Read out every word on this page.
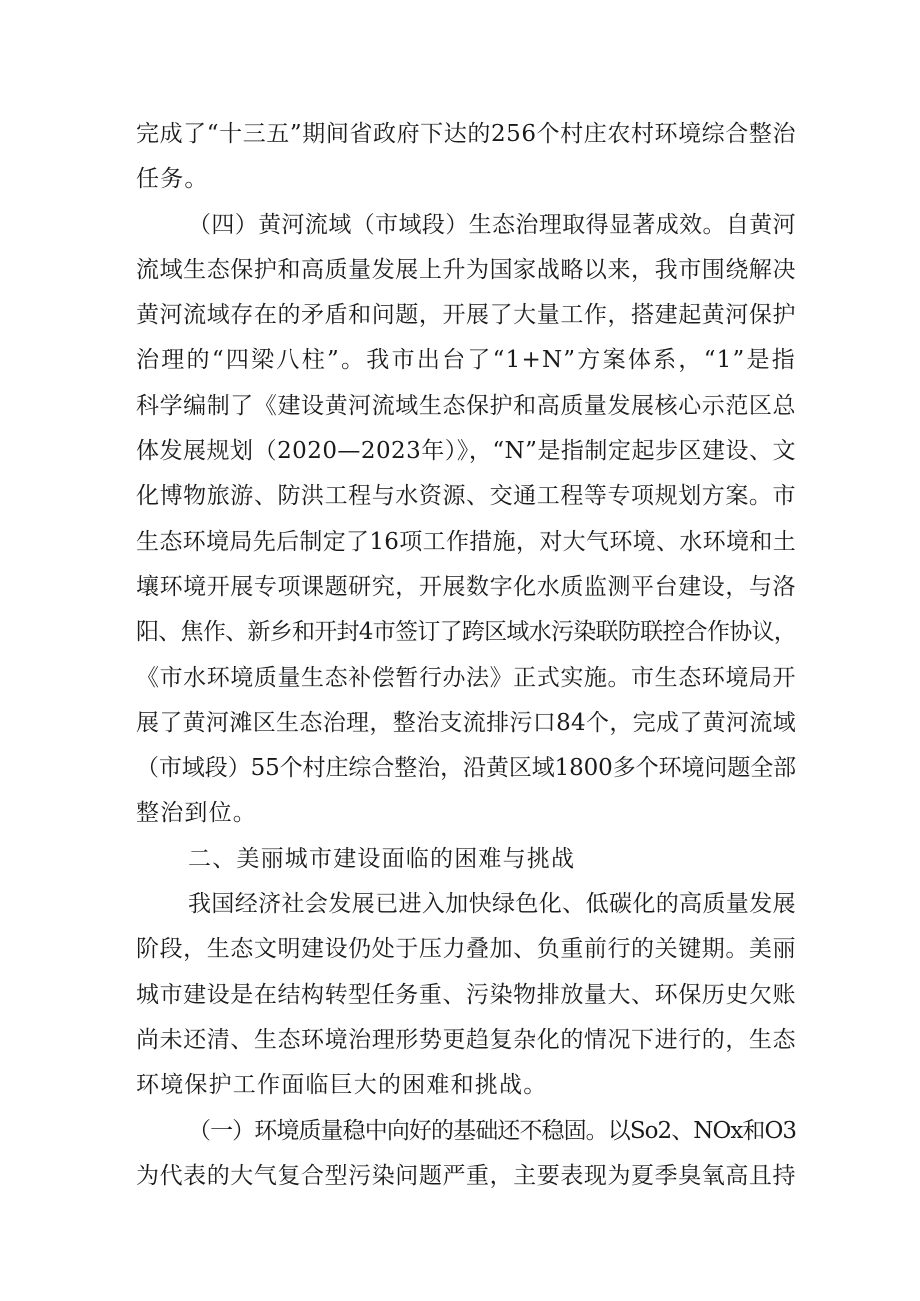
完成了“十三五”期间省政府下达的256个村庄农村环境综合整治
任务。

（四）黄河流域（市域段）生态治理取得显著成效。自黄河
流域生态保护和高质量发展上升为国家战略以来，我市围绕解决
黄河流域存在的矛盾和问题，开展了大量工作，搭建起黄河保护
治理的“四梁八柱”。我市出台了“1+N”方案体系，“1”是指
科学编制了《建设黄河流域生态保护和高质量发展核心示范区总
体发展规划（2020—2023年）》，“N”是指制定起步区建设、文
化博物旅游、防洪工程与水资源、交通工程等专项规划方案。市
生态环境局先后制定了16项工作措施，对大气环境、水环境和土
壤环境开展专项课题研究，开展数字化水质监测平台建设，与洛
阳、焦作、新乡和开封4市签订了跨区域水污染联防联控合作协议，
《市水环境质量生态补偿暂行办法》正式实施。市生态环境局开
展了黄河滩区生态治理，整治支流排污口84个，完成了黄河流域
（市域段）55个村庄综合整治，沿黄区域1800多个环境问题全部
整治到位。

二、美丽城市建设面临的困难与挑战

我国经济社会发展已进入加快绿色化、低碳化的高质量发展
阶段，生态文明建设仍处于压力叠加、负重前行的关键期。美丽
城市建设是在结构转型任务重、污染物排放量大、环保历史欠账
尚未还清、生态环境治理形势更趋复杂化的情况下进行的，生态
环境保护工作面临巨大的困难和挑战。

（一）环境质量稳中向好的基础还不稳固。以So2、NOx和O3
为代表的大气复合型污染问题严重，主要表现为夏季臭氧高且持
